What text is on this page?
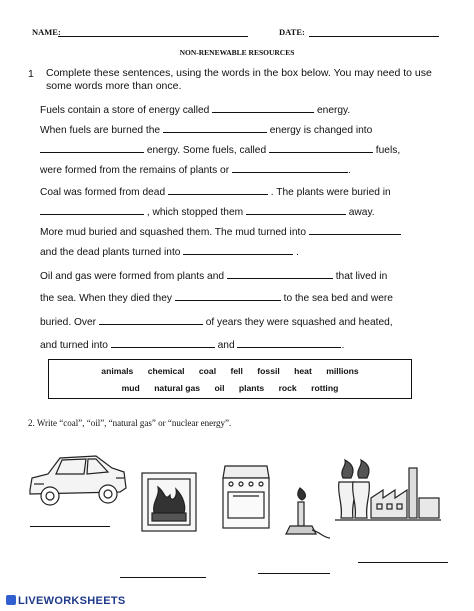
NAME:	DATE:
NON-RENEWABLE RESOURCES
1 Complete these sentences, using the words in the box below. You may need to use some words more than once.
Fuels contain a store of energy called	energy.
When fuels are burned the	energy is changed into
energy. Some fuels, called	fuels,
were formed from the remains of plants or	.
Coal was formed from dead	. The plants were buried in
, which stopped them	away.
More mud buried and squashed them. The mud turned into
and the dead plants turned into	.
Oil and gas were formed from plants and	that lived in
the sea. When they died they	to the sea bed and were
buried. Over	of years they were squashed and heated,
and turned into	and	.
animals chemical coal fell fossil heat millions
mud natural gas oil plants rock rotting
2. Write “coal”, “oil”, “natural gas” or “nuclear energy”.
LIVEWORKSHEETS
